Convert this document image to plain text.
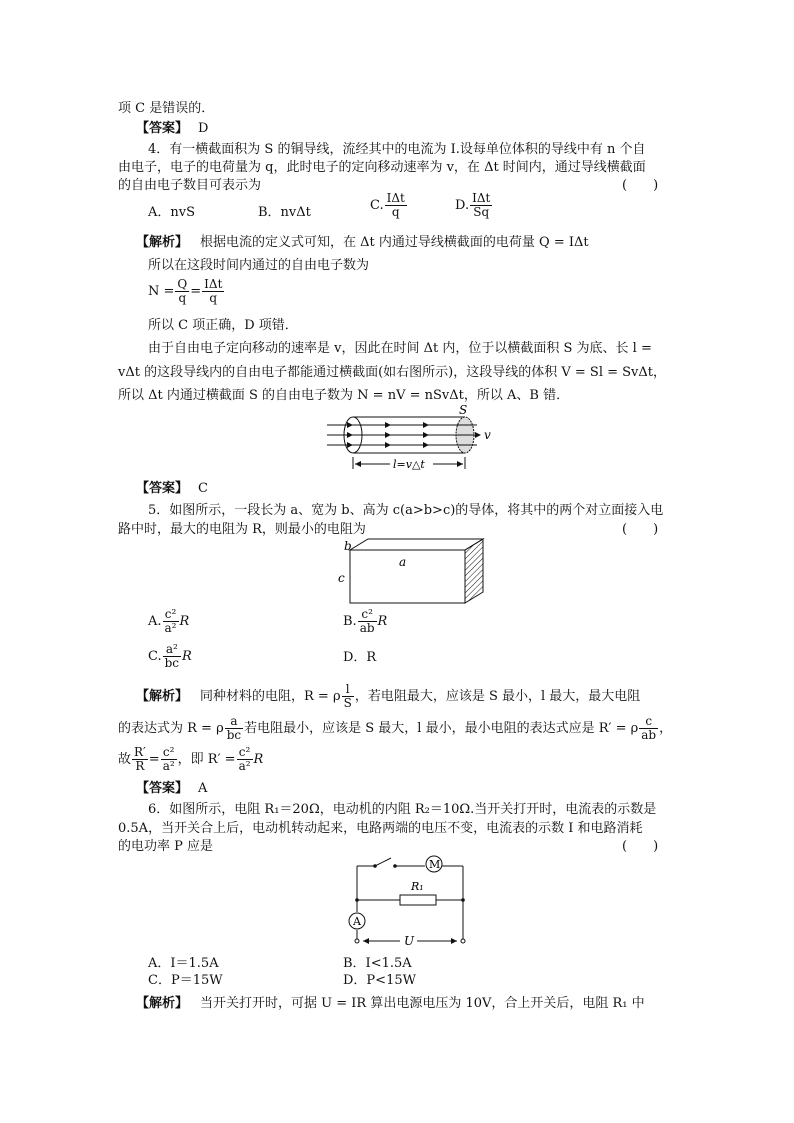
项 C 是错误的．
【答案】 D
4．有一横截面积为 S 的铜导线，流经其中的电流为 I.设每单位体积的导线中有 n 个自
由电子，电子的电荷量为 q，此时电子的定向移动速率为 v，在 Δt 时间内，通过导线横截面
的自由电子数目可表示为	(　　)
A．nvS	B．nvΔt	C. $\frac{\text{IΔt}}{q}$	D. $\frac{\text{IΔt}}{Sq}$
【解析】 根据电流的定义式可知，在 Δt 内通过导线横截面的电荷量 Q = IΔt
所以在这段时间内通过的自由电子数为
$N = \frac{Q}{q} = \frac{\text{IΔt}}{q}$
所以 C 项正确，D 项错．
由于自由电子定向移动的速率是 v，因此在时间 Δt 内，位于以横截面积 S 为底、长 l =
vΔt 的这段导线内的自由电子都能通过横截面(如右图所示)，这段导线的体积 V = Sl = SvΔt，
所以 Δt 内通过横截面 S 的自由电子数为 N = nV = nSvΔt，所以 A、B 错．
S
v
l=v△t
【答案】 C
5．如图所示，一段长为 a、宽为 b、高为 c(a>b>c)的导体，将其中的两个对立面接入电
路中时，最大的电阻为 R，则最小的电阻为	(　　)
a
b
c
A. $\frac{\text{c²}}{\text{a²}}$ R	B. $\frac{\text{c²}}{ab}$ R
C. $\frac{\text{a²}}{bc}$ R	D．R
【解析】 同种材料的电阻，R = ρ $\frac{l}{S}$ ，若电阻最大，应该是 S 最小，l 最大，最大电阻
的表达式为 R = ρ $\frac{a}{bc}$ 若电阻最小，应该是 S 最大，l 最小，最小电阻的表达式应是 R′ = ρ $\frac{c}{ab}$ ，
故 $\frac{R'}{R} = \frac{\text{c²}}{\text{a²}}$ ，即 $R' = \frac{\text{c²}}{\text{a²}}$ R
【答案】 A
6．如图所示，电阻 R₁＝20Ω，电动机的内阻 R₂＝10Ω.当开关打开时，电流表的示数是
0.5A，当开关合上后，电动机转动起来，电路两端的电压不变，电流表的示数 I 和电路消耗
的电功率 P 应是	(　　)
M
A
R₁
U
A．I＝1.5A	B．I<1.5A
C．P＝15W	D．P<15W
【解析】 当开关打开时，可据 U = IR 算出电源电压为 10V，合上开关后，电阻 R₁ 中
